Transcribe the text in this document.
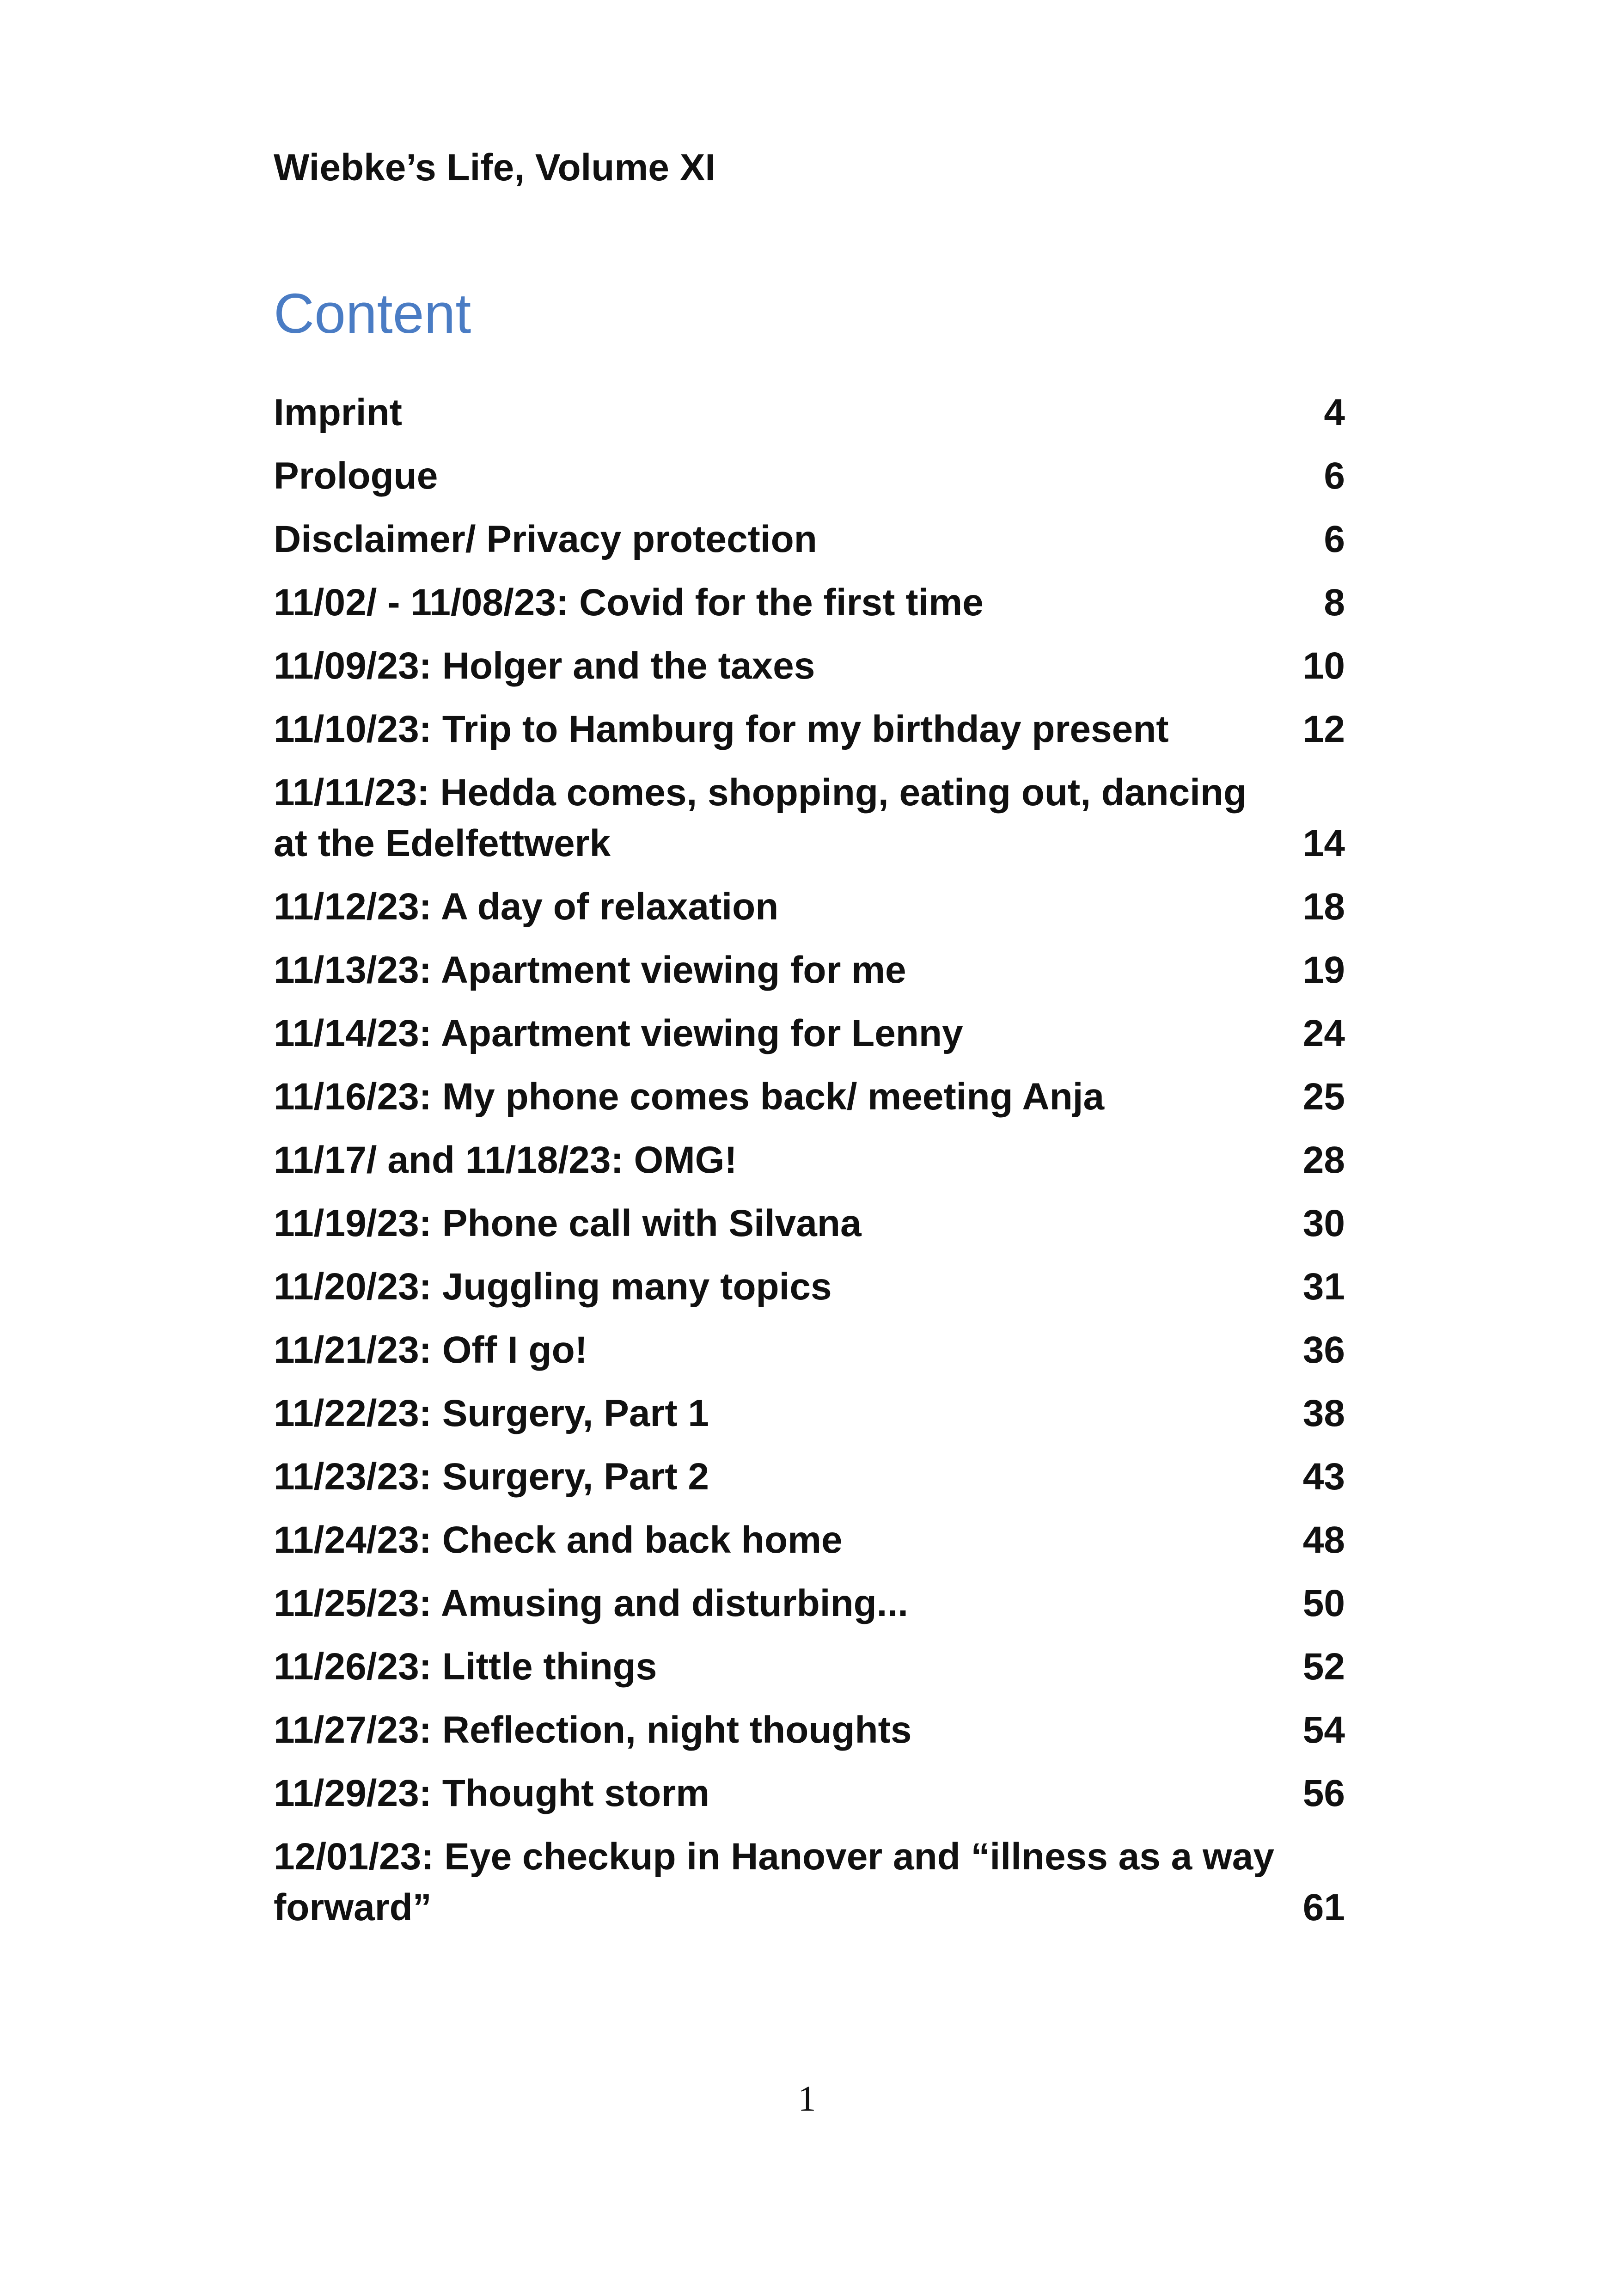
Wiebke’s Life, Volume XI
Content
Imprint	4
Prologue	6
Disclaimer/ Privacy protection	6
11/02/ - 11/08/23: Covid for the first time	8
11/09/23: Holger and the taxes	10
11/10/23: Trip to Hamburg for my birthday present	12
11/11/23: Hedda comes, shopping, eating out, dancing at the Edelfettwerk	14
11/12/23: A day of relaxation	18
11/13/23: Apartment viewing for me	19
11/14/23: Apartment viewing for Lenny	24
11/16/23: My phone comes back/ meeting Anja	25
11/17/ and 11/18/23: OMG!	28
11/19/23: Phone call with Silvana	30
11/20/23: Juggling many topics	31
11/21/23: Off I go!	36
11/22/23: Surgery, Part 1	38
11/23/23: Surgery, Part 2	43
11/24/23: Check and back home	48
11/25/23: Amusing and disturbing...	50
11/26/23: Little things	52
11/27/23: Reflection, night thoughts	54
11/29/23: Thought storm	56
12/01/23: Eye checkup in Hanover and “illness as a way forward”	61
1
